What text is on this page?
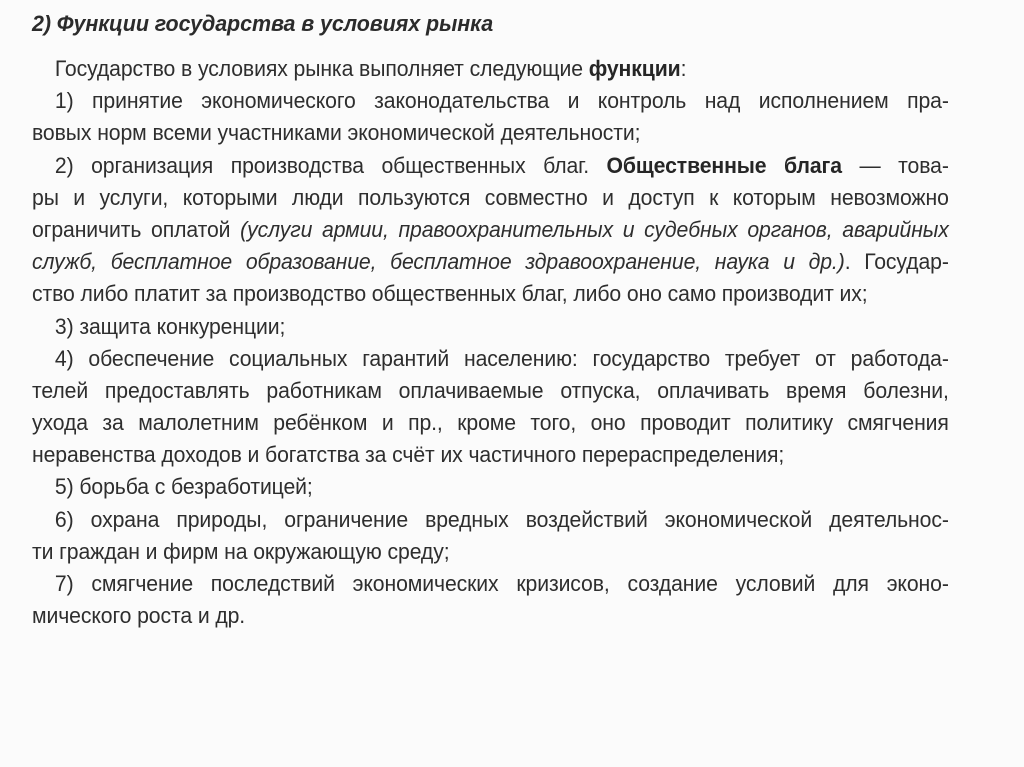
2) Функции государства в условиях рынка
Государство в условиях рынка выполняет следующие функции:
1) принятие экономического законодательства и контроль над исполнением пра-
вовых норм всеми участниками экономической деятельности;
2) организация производства общественных благ. Общественные блага — това-
ры и услуги, которыми люди пользуются совместно и доступ к которым невозможно
ограничить оплатой (услуги армии, правоохранительных и судебных органов, аварийных
служб, бесплатное образование, бесплатное здравоохранение, наука и др.). Государ-
ство либо платит за производство общественных благ, либо оно само производит их;
3) защита конкуренции;
4) обеспечение социальных гарантий населению: государство требует от работода-
телей предоставлять работникам оплачиваемые отпуска, оплачивать время болезни,
ухода за малолетним ребёнком и пр., кроме того, оно проводит политику смягчения
неравенства доходов и богатства за счёт их частичного перераспределения;
5) борьба с безработицей;
6) охрана природы, ограничение вредных воздействий экономической деятельнос-
ти граждан и фирм на окружающую среду;
7) смягчение последствий экономических кризисов, создание условий для эконо-
мического роста и др.
